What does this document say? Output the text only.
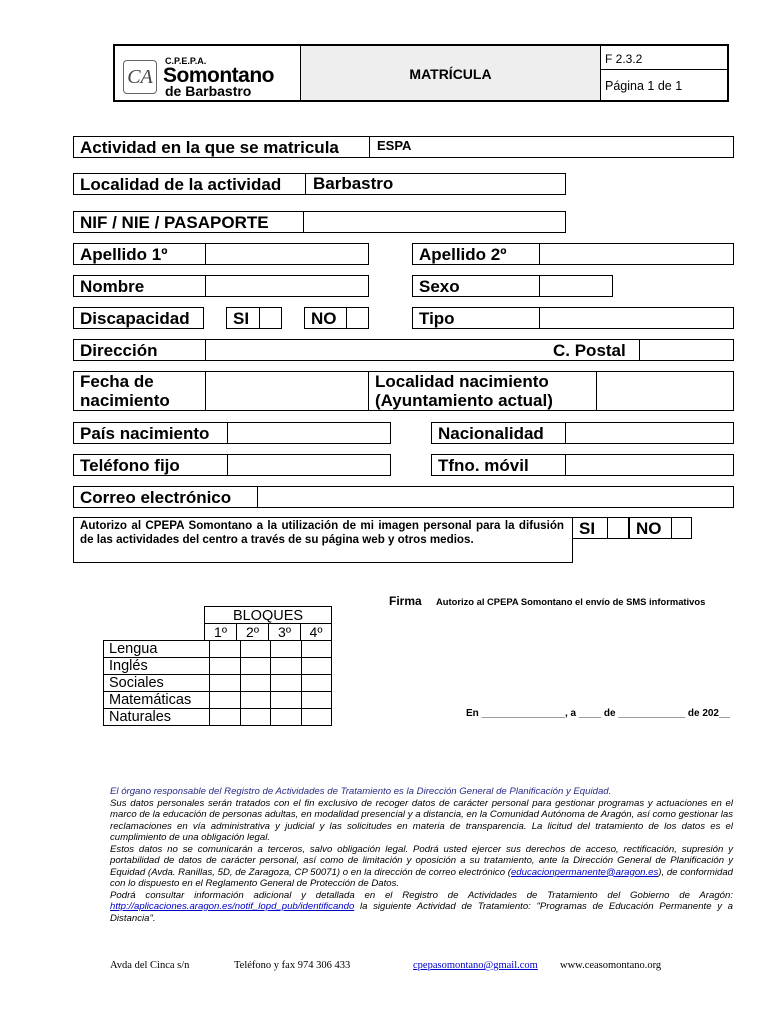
CA
C.P.E.P.A.
Somontano
de Barbastro
MATRÍCULA
F 2.3.2
Página 1 de 1
Actividad en la que se matricula	ESPA
Localidad de la actividad Barbastro
NIF / NIE / PASAPORTE
Apellido 1º	Apellido 2º
Nombre	Sexo
Discapacidad	SI	NO	Tipo
Dirección	C. Postal
Fecha de
nacimiento
Localidad nacimiento
(Ayuntamiento actual)
País nacimiento	Nacionalidad
Teléfono fijo	Tfno. móvil
Correo electrónico
Autorizo al CPEPA Somontano a la utilización de mi imagen personal para la difusión de las actividades del centro a través de su página web y otros medios.
SI	NO
Firma Autorizo al CPEPA Somontano el envío de SMS informativos
En _______________, a ____ de ____________ de 202__
BLOQUES
1º	2º	3º	4º
Lengua				
Inglés				
Sociales				
Matemáticas				
Naturales				
El órgano responsable del Registro de Actividades de Tratamiento es la Dirección General de Planificación y Equidad.
Sus datos personales serán tratados con el fin exclusivo de recoger datos de carácter personal para gestionar programas y actuaciones en el marco de la educación de personas adultas, en modalidad presencial y a distancia, en la Comunidad Autónoma de Aragón, así como gestionar las reclamaciones en vía administrativa y judicial y las solicitudes en materia de transparencia. La licitud del tratamiento de los datos es el cumplimiento de una obligación legal.
Estos datos no se comunicarán a terceros, salvo obligación legal. Podrá usted ejercer sus derechos de acceso, rectificación, supresión y portabilidad de datos de carácter personal, así como de limitación y oposición a su tratamiento, ante la Dirección General de Planificación y Equidad (Avda. Ranillas, 5D, de Zaragoza, CP 50071) o en la dirección de correo electrónico (educacionpermanente@aragon.es), de conformidad con lo dispuesto en el Reglamento General de Protección de Datos.
Podrá consultar información adicional y detallada en el Registro de Actividades de Tratamiento del Gobierno de Aragón: http://aplicaciones.aragon.es/notif_lopd_pub/identificando la siguiente Actividad de Tratamiento: "Programas de Educación Permanente y a Distancia".
Avda del Cinca s/n	Teléfono y fax 974 306 433	cpepasomontano@gmail.com www.ceasomontano.org
